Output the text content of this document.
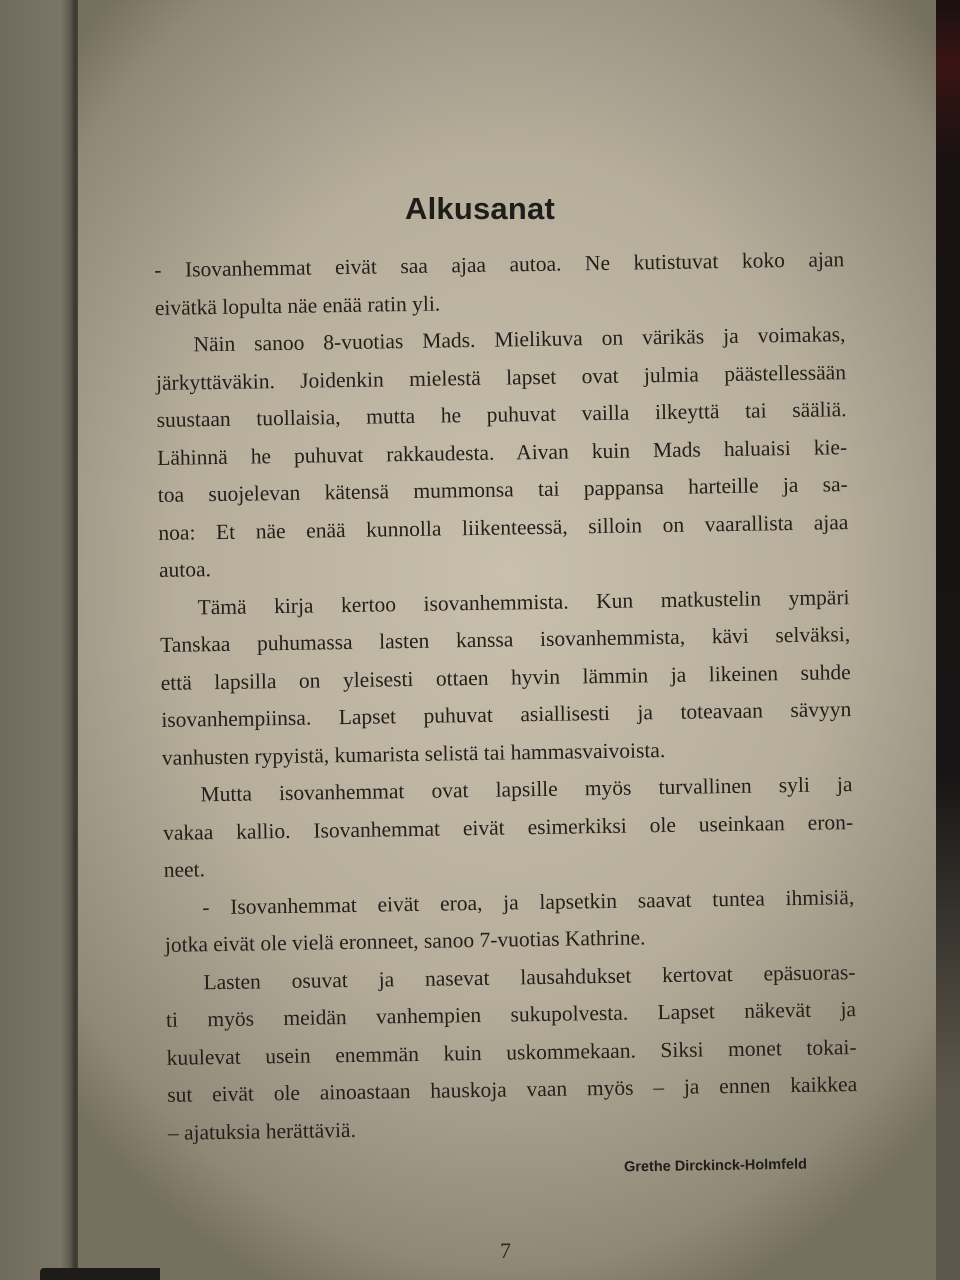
Alkusanat
- Isovanhemmat eivät saa ajaa autoa. Ne kutistuvat koko ajan
eivätkä lopulta näe enää ratin yli.
Näin sanoo 8-vuotias Mads. Mielikuva on värikäs ja voimakas,
järkyttäväkin. Joidenkin mielestä lapset ovat julmia päästellessään
suustaan tuollaisia, mutta he puhuvat vailla ilkeyttä tai sääliä.
Lähinnä he puhuvat rakkaudesta. Aivan kuin Mads haluaisi kie-
toa suojelevan kätensä mummonsa tai pappansa harteille ja sa-
noa: Et näe enää kunnolla liikenteessä, silloin on vaarallista ajaa
autoa.
Tämä kirja kertoo isovanhemmista. Kun matkustelin ympäri
Tanskaa puhumassa lasten kanssa isovanhemmista, kävi selväksi,
että lapsilla on yleisesti ottaen hyvin lämmin ja likeinen suhde
isovanhempiinsa. Lapset puhuvat asiallisesti ja toteavaan sävyyn
vanhusten rypyistä, kumarista selistä tai hammasvaivoista.
Mutta isovanhemmat ovat lapsille myös turvallinen syli ja
vakaa kallio. Isovanhemmat eivät esimerkiksi ole useinkaan eron-
neet.
- Isovanhemmat eivät eroa, ja lapsetkin saavat tuntea ihmisiä,
jotka eivät ole vielä eronneet, sanoo 7-vuotias Kathrine.
Lasten osuvat ja nasevat lausahdukset kertovat epäsuoras-
ti myös meidän vanhempien sukupolvesta. Lapset näkevät ja
kuulevat usein enemmän kuin uskommekaan. Siksi monet tokai-
sut eivät ole ainoastaan hauskoja vaan myös – ja ennen kaikkea
– ajatuksia herättäviä.
Grethe Dirckinck-Holmfeld
7
